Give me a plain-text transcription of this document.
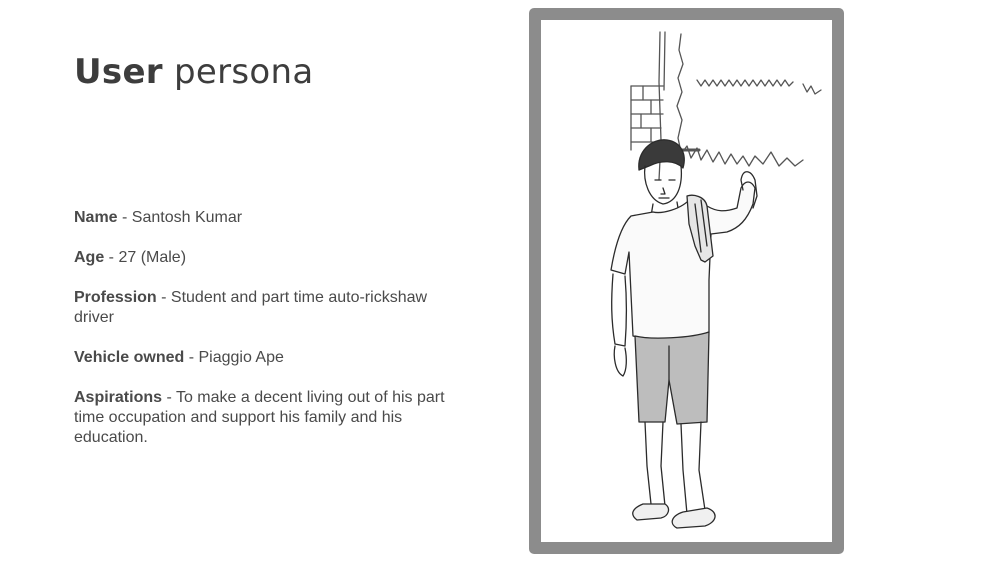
User persona

Name - Santosh Kumar

Age - 27 (Male)

Profession - Student and part time auto-rickshaw driver

Vehicle owned - Piaggio Ape

Aspirations - To make a decent living out of his part time occupation and support his family and his education.
